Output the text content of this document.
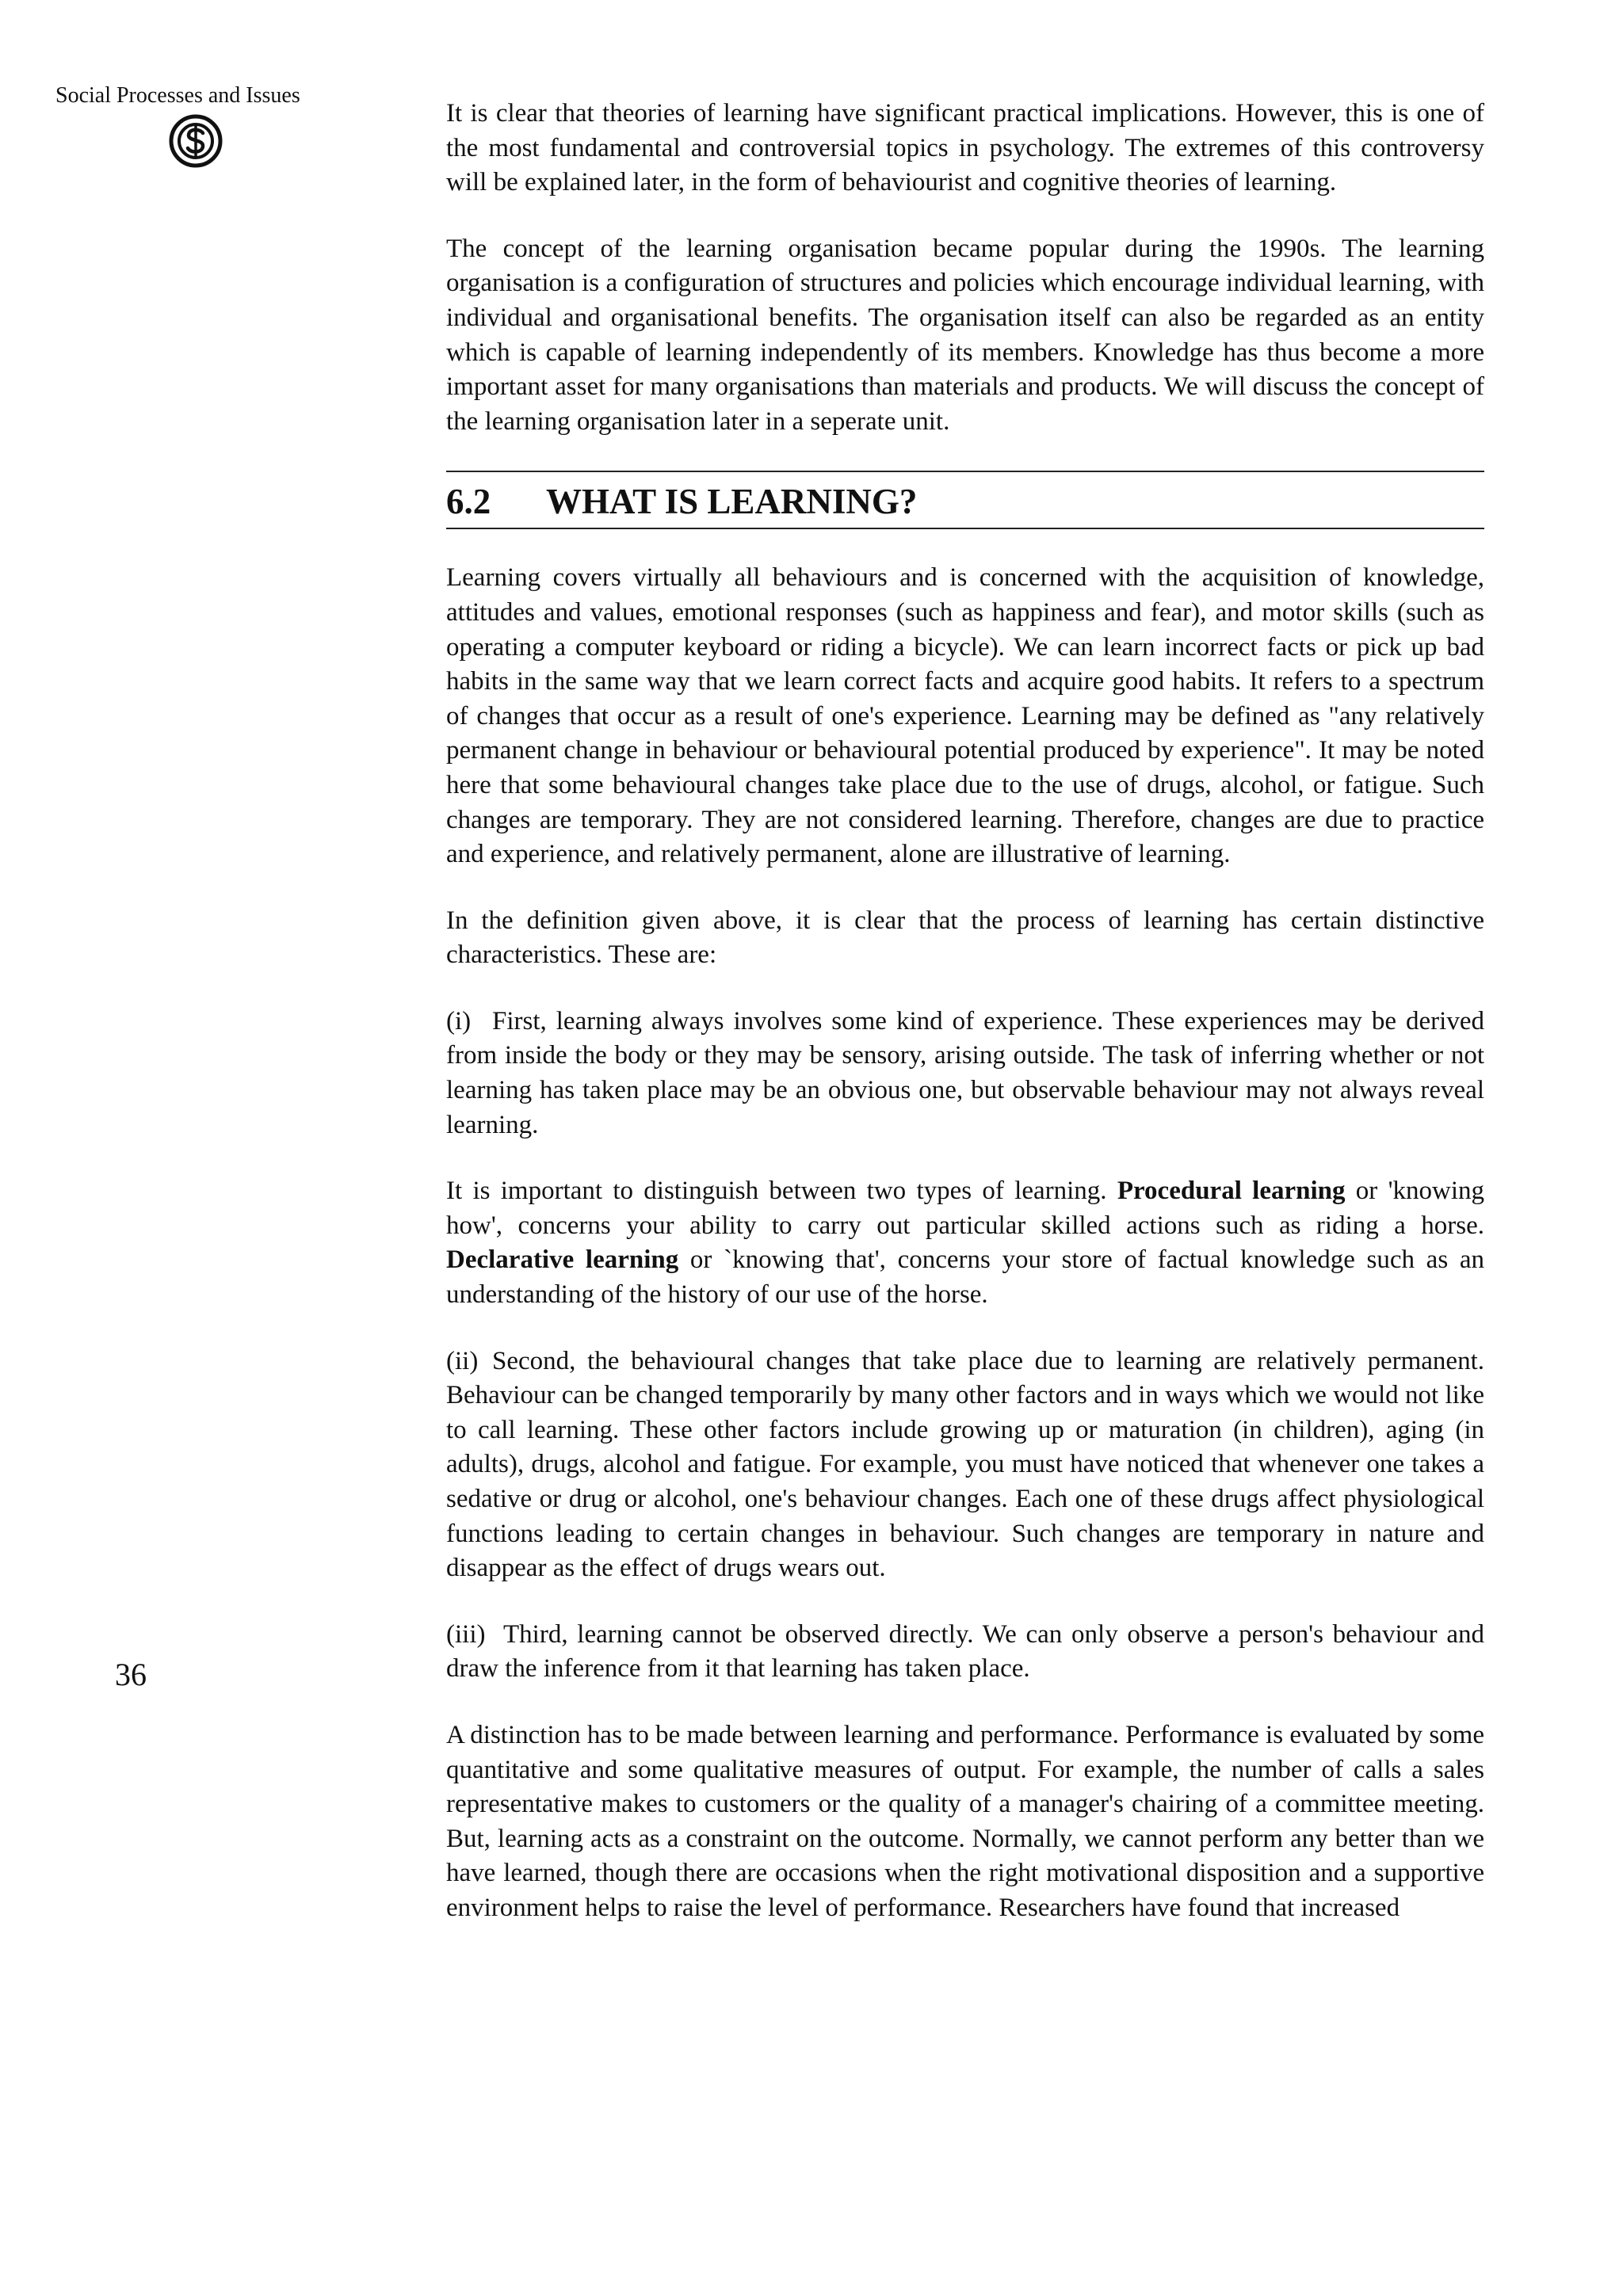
Social Processes and Issues
36

It is clear that theories of learning have significant practical implications. However, this is one of the most fundamental and controversial topics in psychology. The extremes of this controversy will be explained later, in the form of behaviourist and cognitive theories of learning.

The concept of the learning organisation became popular during the 1990s. The learning organisation is a configuration of structures and policies which encourage individual learning, with individual and organisational benefits. The organisation itself can also be regarded as an entity which is capable of learning independently of its members. Knowledge has thus become a more important asset for many organisations than materials and products. We will discuss the concept of the learning organisation later in a seperate unit.

6.2 WHAT IS LEARNING?

Learning covers virtually all behaviours and is concerned with the acquisition of knowledge, attitudes and values, emotional responses (such as happiness and fear), and motor skills (such as operating a computer keyboard or riding a bicycle). We can learn incorrect facts or pick up bad habits in the same way that we learn correct facts and acquire good habits. It refers to a spectrum of changes that occur as a result of one's experience. Learning may be defined as "any relatively permanent change in behaviour or behavioural potential produced by experience". It may be noted here that some behavioural changes take place due to the use of drugs, alcohol, or fatigue. Such changes are temporary. They are not considered learning. Therefore, changes are due to practice and experience, and relatively permanent, alone are illustrative of learning.

In the definition given above, it is clear that the process of learning has certain distinctive characteristics. These are:

(i) First, learning always involves some kind of experience. These experiences may be derived from inside the body or they may be sensory, arising outside. The task of inferring whether or not learning has taken place may be an obvious one, but observable behaviour may not always reveal learning.

It is important to distinguish between two types of learning. Procedural learning or 'knowing how', concerns your ability to carry out particular skilled actions such as riding a horse. Declarative learning or `knowing that', concerns your store of factual knowledge such as an understanding of the history of our use of the horse.

(ii) Second, the behavioural changes that take place due to learning are relatively permanent. Behaviour can be changed temporarily by many other factors and in ways which we would not like to call learning. These other factors include growing up or maturation (in children), aging (in adults), drugs, alcohol and fatigue. For example, you must have noticed that whenever one takes a sedative or drug or alcohol, one's behaviour changes. Each one of these drugs affect physiological functions leading to certain changes in behaviour. Such changes are temporary in nature and disappear as the effect of drugs wears out.

(iii) Third, learning cannot be observed directly. We can only observe a person's behaviour and draw the inference from it that learning has taken place.

A distinction has to be made between learning and performance. Performance is evaluated by some quantitative and some qualitative measures of output. For example, the number of calls a sales representative makes to customers or the quality of a manager's chairing of a committee meeting. But, learning acts as a constraint on the outcome. Normally, we cannot perform any better than we have learned, though there are occasions when the right motivational disposition and a supportive environment helps to raise the level of performance. Researchers have found that increased
